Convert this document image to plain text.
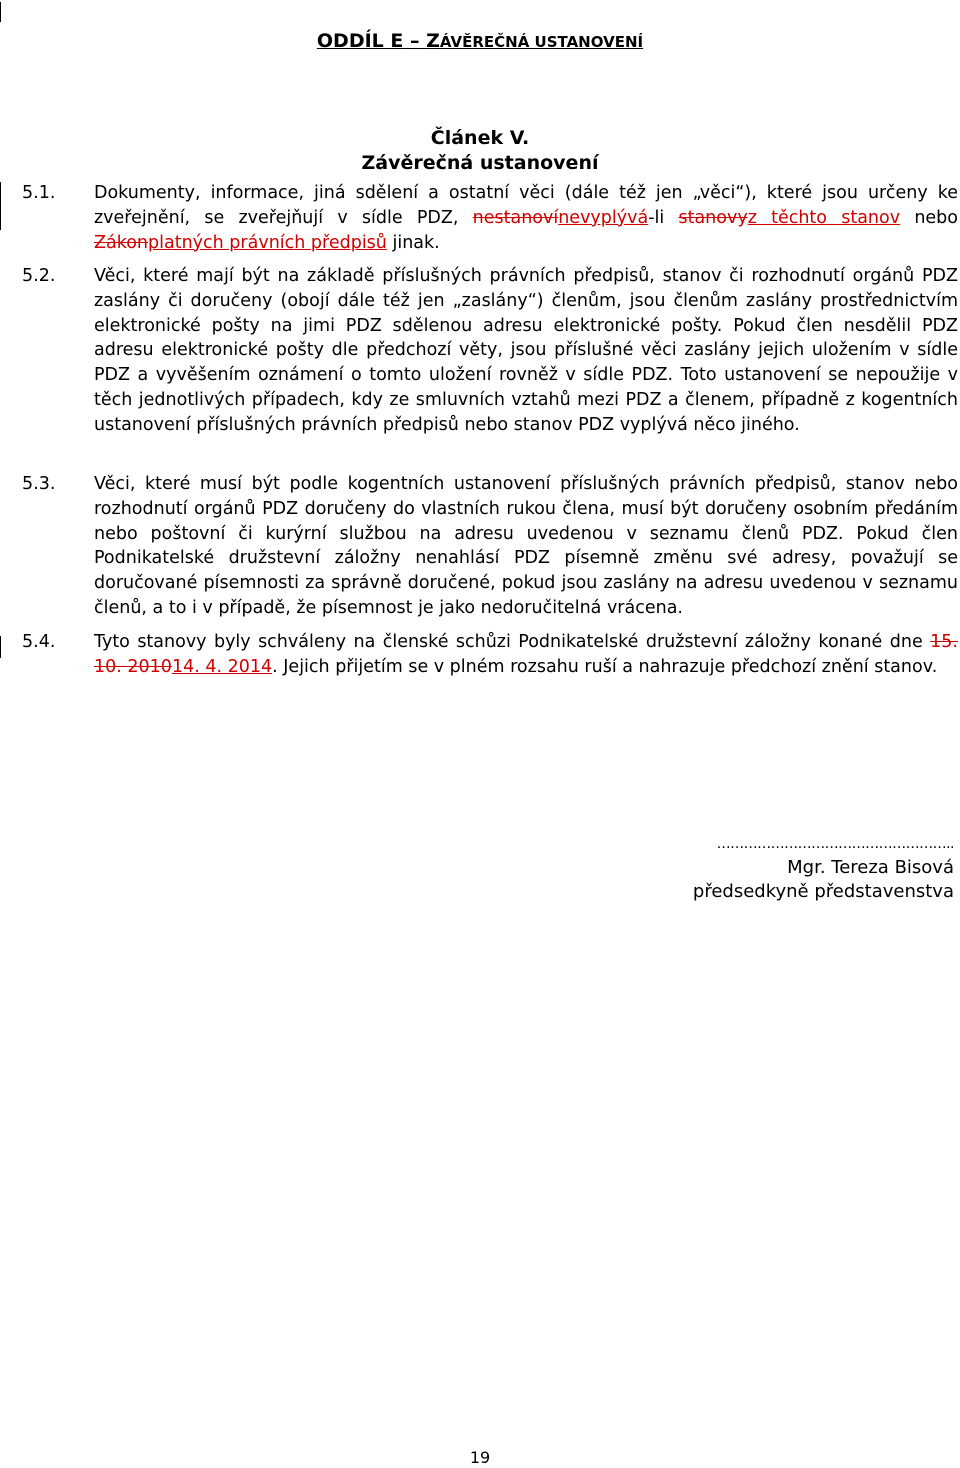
ODDÍL E – ZÁVĚREČNÁ USTANOVENÍ
Článek V.
Závěrečná ustanovení
5.1. Dokumenty, informace, jiná sdělení a ostatní věci (dále též jen „věci“), které jsou určeny ke zveřejnění, se zveřejňují v sídle PDZ, nestanovínevyplývá-li stanovyz těchto stanov nebo Zákonplatných právních předpisů jinak.
5.2. Věci, které mají být na základě příslušných právních předpisů, stanov či rozhodnutí orgánů PDZ zaslány či doručeny (obojí dále též jen „zaslány“) členům, jsou členům zaslány prostřednictvím elektronické pošty na jimi PDZ sdělenou adresu elektronické pošty. Pokud člen nesdělil PDZ adresu elektronické pošty dle předchozí věty, jsou příslušné věci zaslány jejich uložením v sídle PDZ a vyvěšením oznámení o tomto uložení rovněž v sídle PDZ. Toto ustanovení se nepoužije v těch jednotlivých případech, kdy ze smluvních vztahů mezi PDZ a členem, případně z kogentních ustanovení příslušných právních předpisů nebo stanov PDZ vyplývá něco jiného.
5.3. Věci, které musí být podle kogentních ustanovení příslušných právních předpisů, stanov nebo rozhodnutí orgánů PDZ doručeny do vlastních rukou člena, musí být doručeny osobním předáním nebo poštovní či kurýrní službou na adresu uvedenou v seznamu členů PDZ. Pokud člen Podnikatelské družstevní záložny nenahlásí PDZ písemně změnu své adresy, považují se doručované písemnosti za správně doručené, pokud jsou zaslány na adresu uvedenou v seznamu členů, a to i v případě, že písemnost je jako nedoručitelná vrácena.
5.4. Tyto stanovy byly schváleny na členské schůzi Podnikatelské družstevní záložny konané dne 15. 10. 201014. 4. 2014. Jejich přijetím se v plném rozsahu ruší a nahrazuje předchozí znění stanov.
……………………………………………..
Mgr. Tereza Bisová
předsedkyně představenstva
19
